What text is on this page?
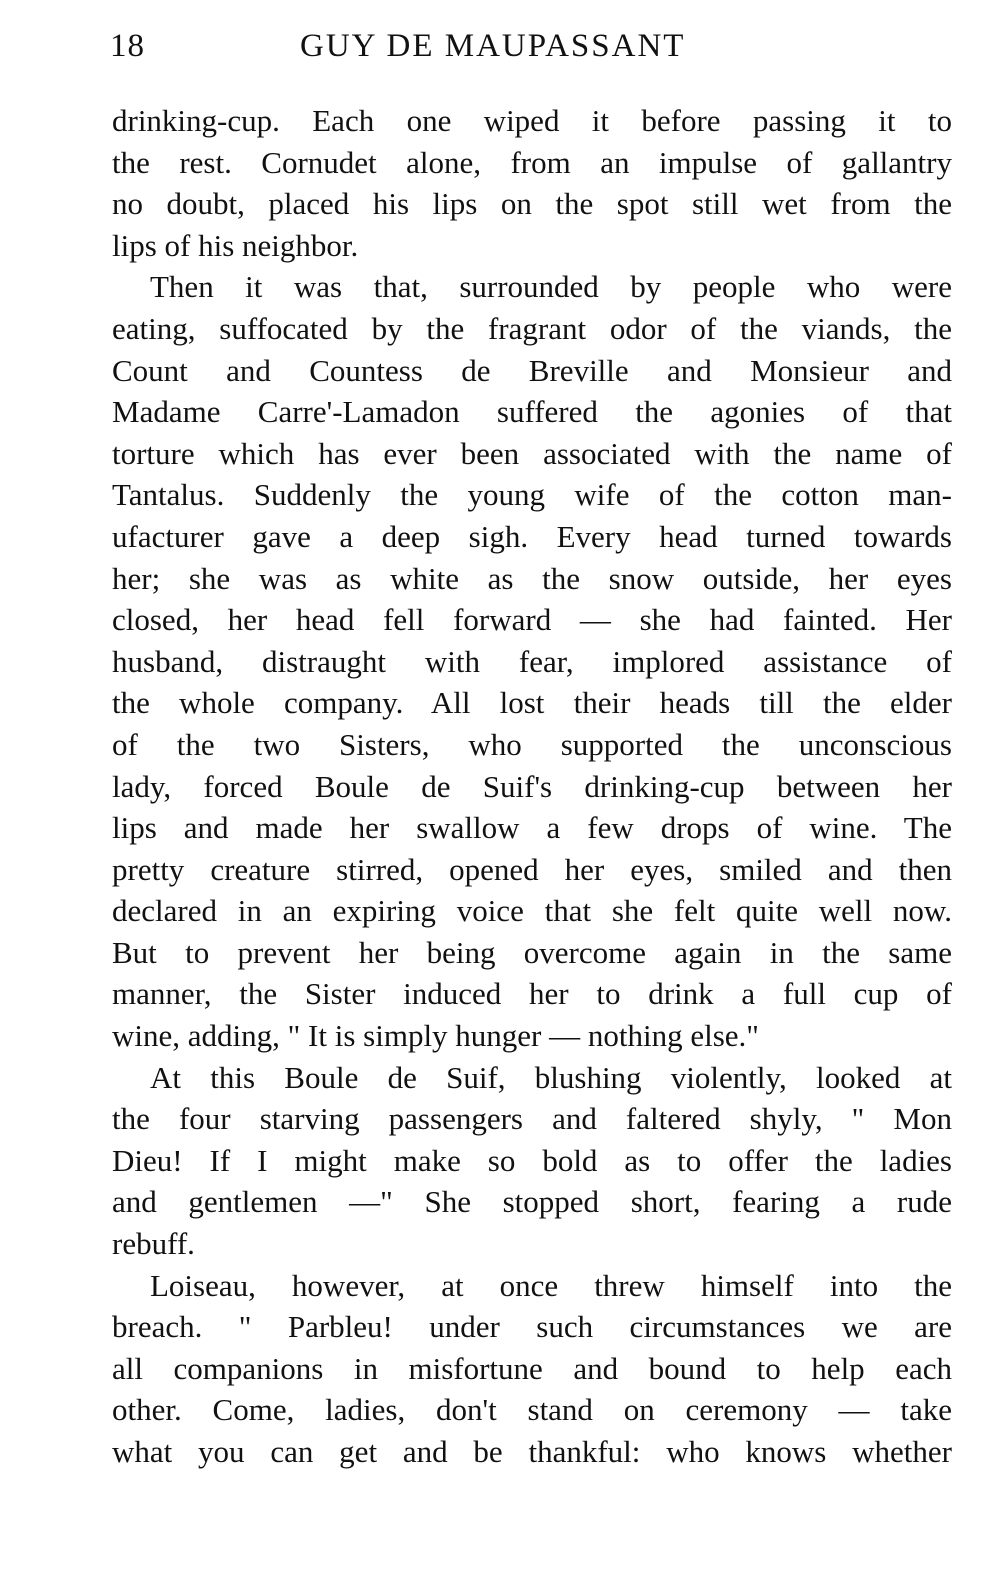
18	GUY DE MAUPASSANT
drinking-cup. Each one wiped it before passing it to
the rest. Cornudet alone, from an impulse of gallantry
no doubt, placed his lips on the spot still wet from the
lips of his neighbor.
Then it was that, surrounded by people who were
eating, suffocated by the fragrant odor of the viands, the
Count and Countess de Breville and Monsieur and
Madame Carre'-Lamadon suffered the agonies of that
torture which has ever been associated with the name of
Tantalus. Suddenly the young wife of the cotton man-
ufacturer gave a deep sigh. Every head turned towards
her; she was as white as the snow outside, her eyes
closed, her head fell forward — she had fainted. Her
husband, distraught with fear, implored assistance of
the whole company. All lost their heads till the elder
of the two Sisters, who supported the unconscious
lady, forced Boule de Suif's drinking-cup between her
lips and made her swallow a few drops of wine. The
pretty creature stirred, opened her eyes, smiled and then
declared in an expiring voice that she felt quite well now.
But to prevent her being overcome again in the same
manner, the Sister induced her to drink a full cup of
wine, adding, " It is simply hunger — nothing else."
At this Boule de Suif, blushing violently, looked at
the four starving passengers and faltered shyly, " Mon
Dieu! If I might make so bold as to offer the ladies
and gentlemen —" She stopped short, fearing a rude
rebuff.
Loiseau, however, at once threw himself into the
breach. " Parbleu! under such circumstances we are
all companions in misfortune and bound to help each
other. Come, ladies, don't stand on ceremony — take
what you can get and be thankful: who knows whether
